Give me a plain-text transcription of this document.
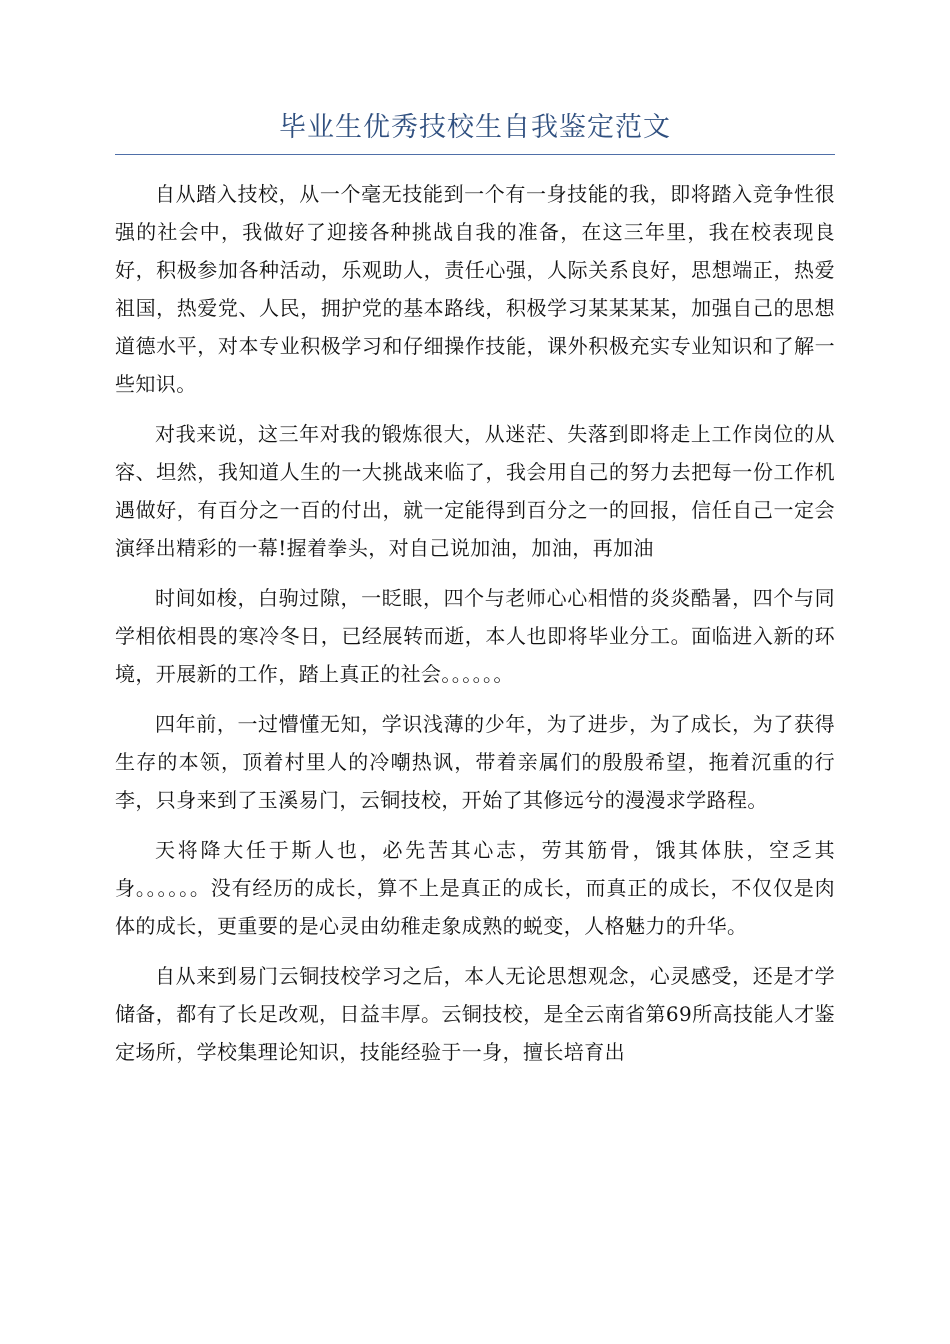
毕业生优秀技校生自我鉴定范文

自从踏入技校，从一个毫无技能到一个有一身技能的我，即将踏入竞争性很强的社会中，我做好了迎接各种挑战自我的准备，在这三年里，我在校表现良好，积极参加各种活动，乐观助人，责任心强，人际关系良好，思想端正，热爱祖国，热爱党、人民，拥护党的基本路线，积极学习某某某某，加强自己的思想道德水平，对本专业积极学习和仔细操作技能，课外积极充实专业知识和了解一些知识。

对我来说，这三年对我的锻炼很大，从迷茫、失落到即将走上工作岗位的从容、坦然，我知道人生的一大挑战来临了，我会用自己的努力去把每一份工作机遇做好，有百分之一百的付出，就一定能得到百分之一的回报，信任自己一定会演绎出精彩的一幕!握着拳头，对自己说加油，加油，再加油

时间如梭，白驹过隙，一眨眼，四个与老师心心相惜的炎炎酷暑，四个与同学相依相畏的寒冷冬日，已经展转而逝，本人也即将毕业分工。面临进入新的环境，开展新的工作，踏上真正的社会。。。。。。

四年前，一过懵懂无知，学识浅薄的少年，为了进步，为了成长，为了获得生存的本领，顶着村里人的冷嘲热讽，带着亲属们的殷殷希望，拖着沉重的行李，只身来到了玉溪易门，云铜技校，开始了其修远兮的漫漫求学路程。

天将降大任于斯人也，必先苦其心志，劳其筋骨，饿其体肤，空乏其身。。。。。。没有经历的成长，算不上是真正的成长，而真正的成长，不仅仅是肉体的成长，更重要的是心灵由幼稚走象成熟的蜕变，人格魅力的升华。

自从来到易门云铜技校学习之后，本人无论思想观念，心灵感受，还是才学储备，都有了长足改观，日益丰厚。云铜技校，是全云南省第69所高技能人才鉴定场所，学校集理论知识，技能经验于一身，擅长培育出
